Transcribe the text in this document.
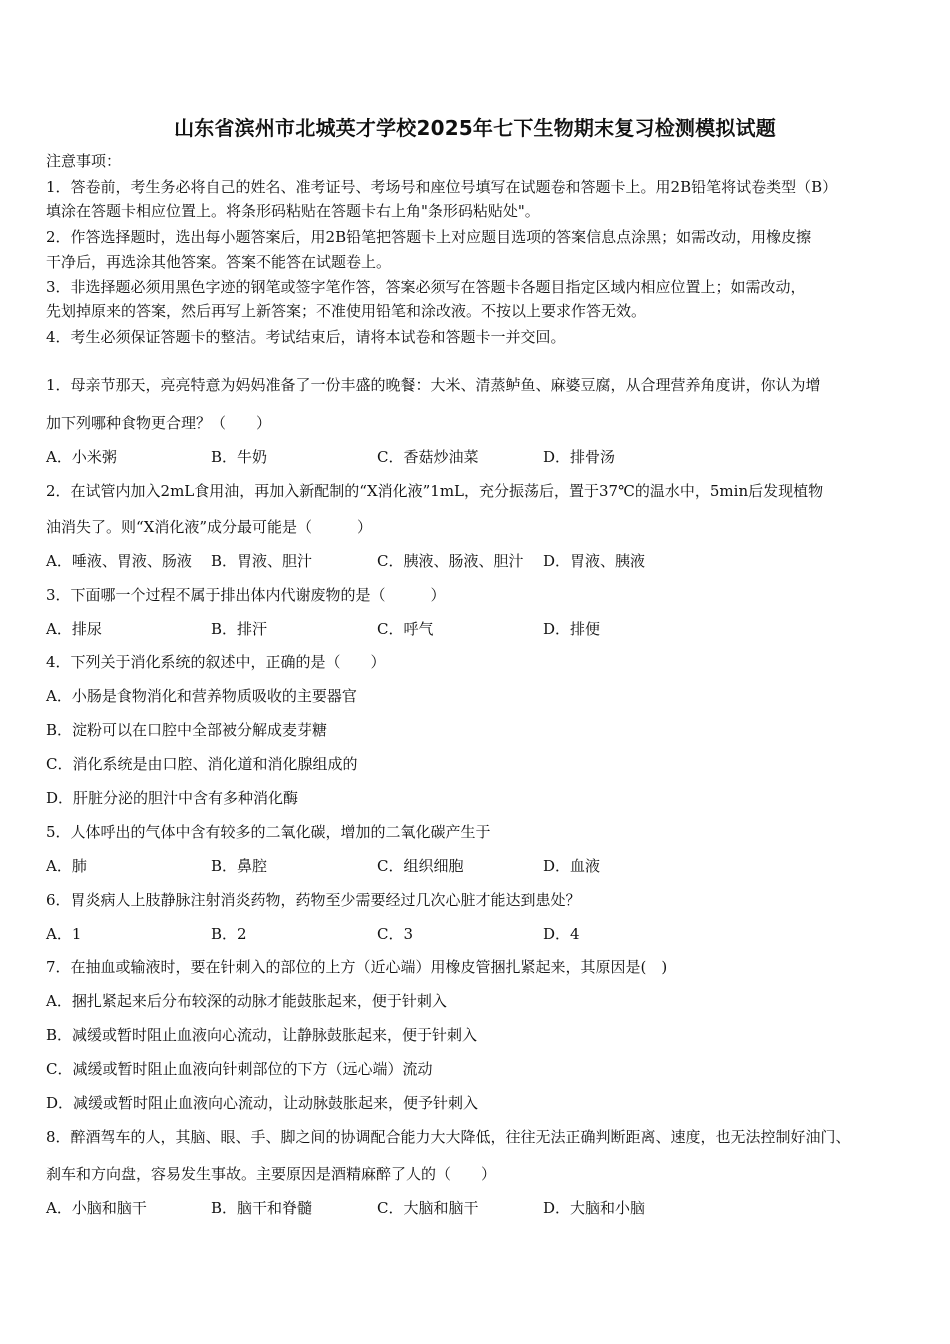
山东省滨州市北城英才学校2025年七下生物期末复习检测模拟试题
注意事项：
1．答卷前，考生务必将自己的姓名、准考证号、考场号和座位号填写在试题卷和答题卡上。用2B铅笔将试卷类型（B）
填涂在答题卡相应位置上。将条形码粘贴在答题卡右上角"条形码粘贴处"。
2．作答选择题时，选出每小题答案后，用2B铅笔把答题卡上对应题目选项的答案信息点涂黑；如需改动，用橡皮擦
干净后，再选涂其他答案。答案不能答在试题卷上。
3．非选择题必须用黑色字迹的钢笔或签字笔作答，答案必须写在答题卡各题目指定区域内相应位置上；如需改动，
先划掉原来的答案，然后再写上新答案；不准使用铅笔和涂改液。不按以上要求作答无效。
4．考生必须保证答题卡的整洁。考试结束后，请将本试卷和答题卡一并交回。
1．母亲节那天，亮亮特意为妈妈准备了一份丰盛的晚餐：大米、清蒸鲈鱼、麻婆豆腐，从合理营养角度讲，你认为增
加下列哪种食物更合理？（　　）
A．小米粥	B．牛奶	C．香菇炒油菜	D．排骨汤
2．在试管内加入2mL食用油，再加入新配制的“X消化液”1mL，充分振荡后，置于37℃的温水中，5min后发现植物
油消失了。则“X消化液”成分最可能是（　　　）
A．唾液、胃液、肠液 B．胃液、胆汁	C．胰液、肠液、胆汁 D．胃液、胰液
3．下面哪一个过程不属于排出体内代谢废物的是（　　　）
A．排尿	B．排汗	C．呼气	D．排便
4．下列关于消化系统的叙述中，正确的是（　　）
A．小肠是食物消化和营养物质吸收的主要器官
B．淀粉可以在口腔中全部被分解成麦芽糖
C．消化系统是由口腔、消化道和消化腺组成的
D．肝脏分泌的胆汁中含有多种消化酶
5．人体呼出的气体中含有较多的二氧化碳，增加的二氧化碳产生于
A．肺	B．鼻腔	C．组织细胞	D．血液
6．胃炎病人上肢静脉注射消炎药物，药物至少需要经过几次心脏才能达到患处？
A．1	B．2	C．3	D．4
7．在抽血或输液时，要在针刺入的部位的上方（近心端）用橡皮管捆扎紧起来，其原因是(　)
A．捆扎紧起来后分布较深的动脉才能鼓胀起来，便于针刺入
B．减缓或暂时阻止血液向心流动，让静脉鼓胀起来，便于针刺入
C．减缓或暂时阻止血液向针刺部位的下方（远心端）流动
D．减缓或暂时阻止血液向心流动，让动脉鼓胀起来，便予针刺入
8．醉酒驾车的人，其脑、眼、手、脚之间的协调配合能力大大降低，往往无法正确判断距离、速度，也无法控制好油门、
刹车和方向盘，容易发生事故。主要原因是酒精麻醉了人的（　　）
A．小脑和脑干	B．脑干和脊髓	C．大脑和脑干	D．大脑和小脑
